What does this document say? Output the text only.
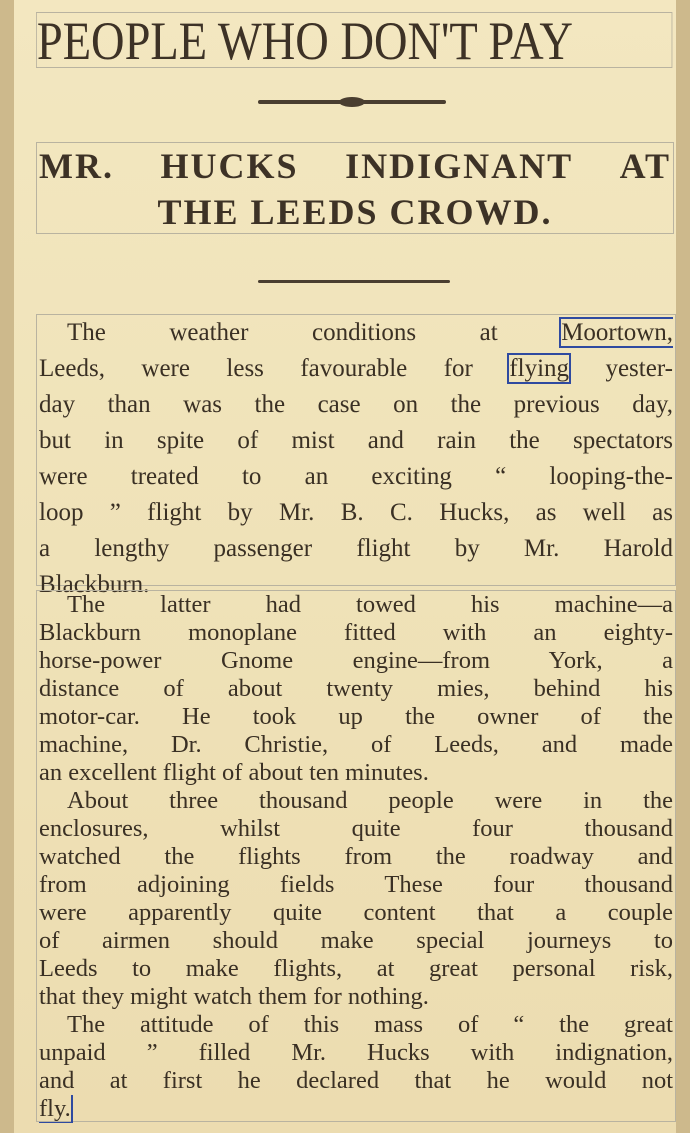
PEOPLE WHO DON'T PAY
MR. HUCKS INDIGNANT AT
THE LEEDS CROWD.
The weather conditions at Moortown,
Leeds, were less favourable for flying yester-
day than was the case on the previous day,
but in spite of mist and rain the spectators
were treated to an exciting “ looping-the-
loop ” flight by Mr. B. C. Hucks, as well as
a lengthy passenger flight by Mr. Harold
Blackburn.
The latter had towed his machine—a
Blackburn monoplane fitted with an eighty-
horse-power Gnome engine—from York, a
distance of about twenty mies, behind his
motor-car. He took up the owner of the
machine, Dr. Christie, of Leeds, and made
an excellent flight of about ten minutes.
About three thousand people were in the
enclosures, whilst quite four thousand
watched the flights from the roadway and
from adjoining fields These four thousand
were apparently quite content that a couple
of airmen should make special journeys to
Leeds to make flights, at great personal risk,
that they might watch them for nothing.
The attitude of this mass of “ the great
unpaid ” filled Mr. Hucks with indignation,
and at first he declared that he would not
fly.
